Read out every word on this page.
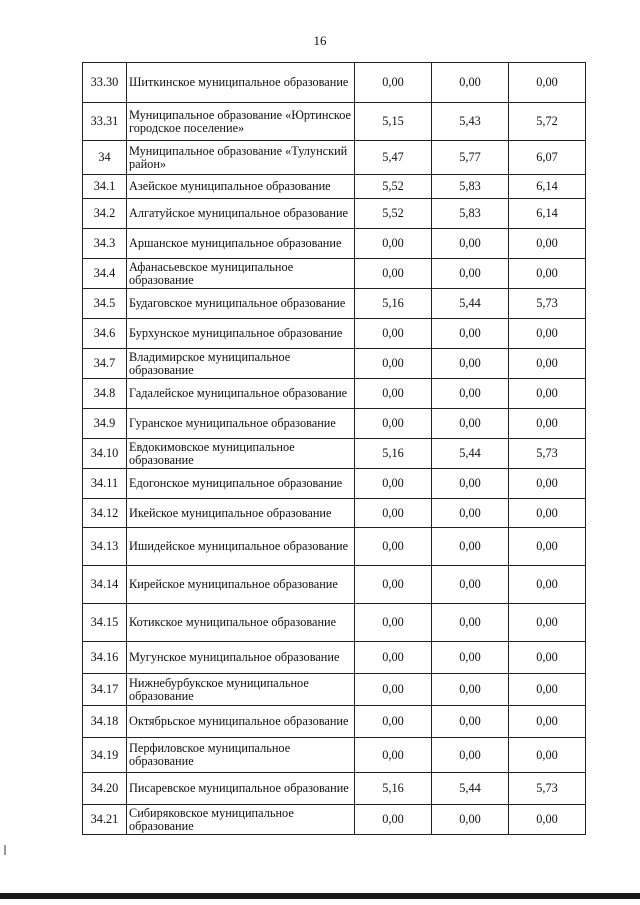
16
33.30	Шиткинское муниципальное образование	0,00	0,00	0,00
33.31	Муниципальное образование «Юртинское городское поселение»	5,15	5,43	5,72
34	Муниципальное образование «Тулунский район»	5,47	5,77	6,07
34.1	Азейское муниципальное образование	5,52	5,83	6,14
34.2	Алгатуйское муниципальное образование	5,52	5,83	6,14
34.3	Аршанское муниципальное образование	0,00	0,00	0,00
34.4	Афанасьевское муниципальное образование	0,00	0,00	0,00
34.5	Будаговское муниципальное образование	5,16	5,44	5,73
34.6	Бурхунское муниципальное образование	0,00	0,00	0,00
34.7	Владимирское муниципальное образование	0,00	0,00	0,00
34.8	Гадалейское муниципальное образование	0,00	0,00	0,00
34.9	Гуранское муниципальное образование	0,00	0,00	0,00
34.10	Евдокимовское муниципальное образование	5,16	5,44	5,73
34.11	Едогонское муниципальное образование	0,00	0,00	0,00
34.12	Икейское муниципальное образование	0,00	0,00	0,00
34.13	Ишидейское муниципальное образование	0,00	0,00	0,00
34.14	Кирейское муниципальное образование	0,00	0,00	0,00
34.15	Котикское муниципальное образование	0,00	0,00	0,00
34.16	Мугунское муниципальное образование	0,00	0,00	0,00
34.17	Нижнебурбукское муниципальное образование	0,00	0,00	0,00
34.18	Октябрьское муниципальное образование	0,00	0,00	0,00
34.19	Перфиловское муниципальное образование	0,00	0,00	0,00
34.20	Писаревское муниципальное образование	5,16	5,44	5,73
34.21	Сибиряковское муниципальное образование	0,00	0,00	0,00
